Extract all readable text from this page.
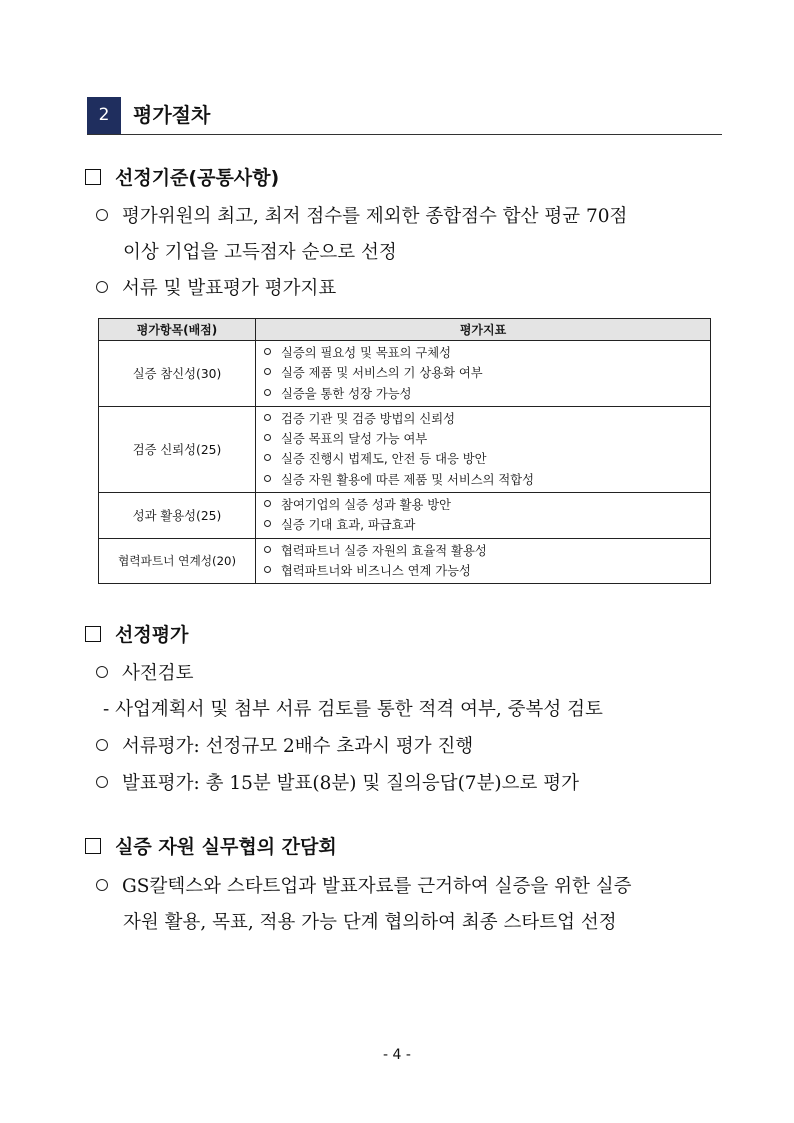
2	평가절차
선정기준(공통사항)
평가위원의 최고, 최저 점수를 제외한 종합점수 합산 평균 70점
이상 기업을 고득점자 순으로 선정
서류 및 발표평가 평가지표
평가항목(배점)	평가지표
실증 참신성(30)	실증의 필요성 및 목표의 구체성
실증 제품 및 서비스의 기 상용화 여부
실증을 통한 성장 가능성

검증 신뢰성(25)	검증 기관 및 검증 방법의 신뢰성
실증 목표의 달성 가능 여부
실증 진행시 법제도, 안전 등 대응 방안
실증 자원 활용에 따른 제품 및 서비스의 적합성

성과 활용성(25)	참여기업의 실증 성과 활용 방안
실증 기대 효과, 파급효과

협력파트너 연계성(20)	협력파트너 실증 자원의 효율적 활용성
협력파트너와 비즈니스 연계 가능성
선정평가
사전검토
- 사업계획서 및 첨부 서류 검토를 통한 적격 여부, 중복성 검토
서류평가: 선정규모 2배수 초과시 평가 진행
발표평가: 총 15분 발표(8분) 및 질의응답(7분)으로 평가
실증 자원 실무협의 간담회
GS칼텍스와 스타트업과 발표자료를 근거하여 실증을 위한 실증
자원 활용, 목표, 적용 가능 단계 협의하여 최종 스타트업 선정
- 4 -
